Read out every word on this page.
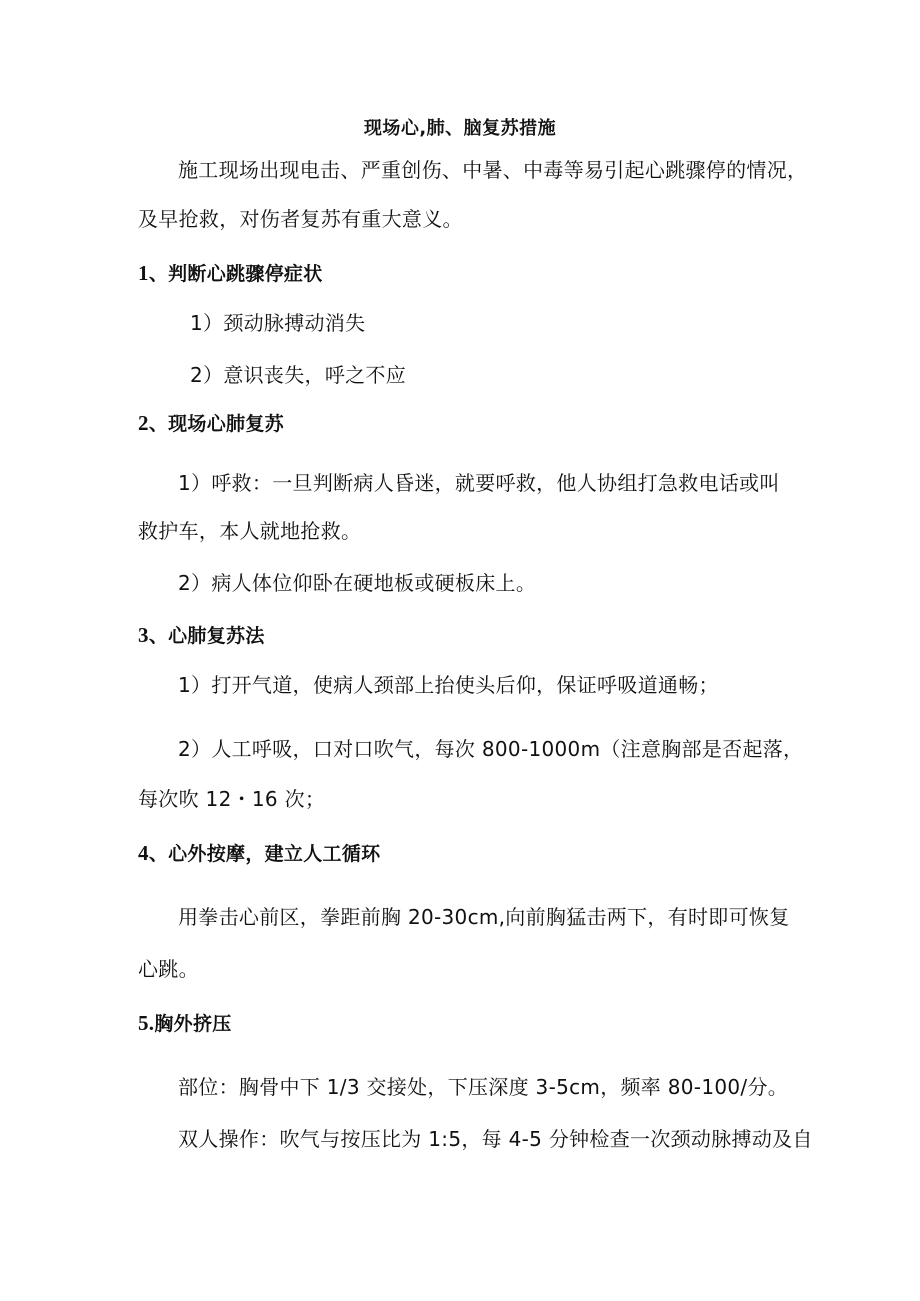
现场心,肺、脑复苏措施
施工现场出现电击、严重创伤、中暑、中毒等易引起心跳骤停的情况，
及早抢救，对伤者复苏有重大意义。
1、判断心跳骤停症状
1）颈动脉搏动消失
2）意识丧失，呼之不应
2、现场心肺复苏
1）呼救：一旦判断病人昏迷，就要呼救，他人协组打急救电话或叫
救护车，本人就地抢救。
2）病人体位仰卧在硬地板或硬板床上。
3、心肺复苏法
1）打开气道，使病人颈部上抬使头后仰，保证呼吸道通畅；
2）人工呼吸，口对口吹气，每次 800-1000m（注意胸部是否起落，
每次吹 12・16 次；
4、心外按摩，建立人工循环
用拳击心前区，拳距前胸 20-30cm,向前胸猛击两下，有时即可恢复
心跳。
5.胸外挤压
部位：胸骨中下 1/3 交接处，下压深度 3-5cm，频率 80-100/分。
双人操作：吹气与按压比为 1:5，每 4-5 分钟检查一次颈动脉搏动及自
